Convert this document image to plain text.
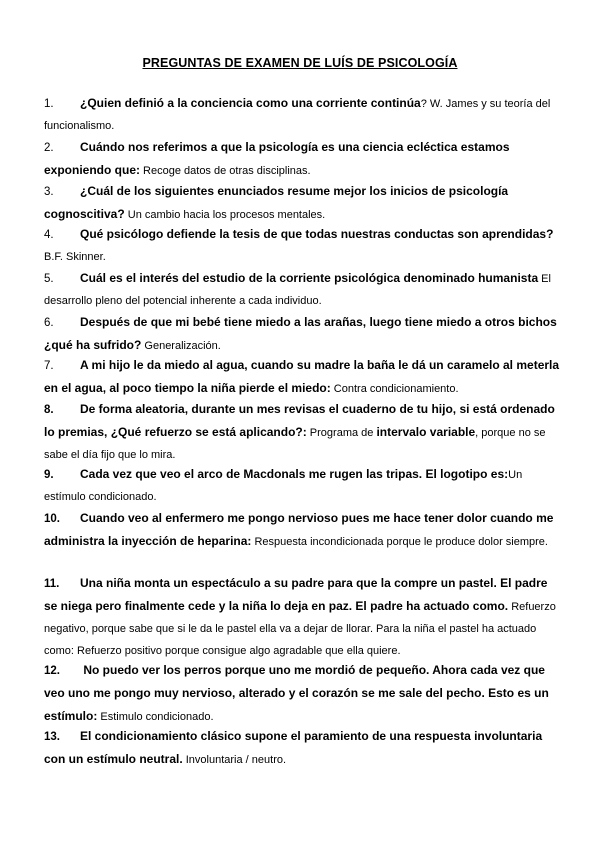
PREGUNTAS DE EXAMEN DE LUÍS DE PSICOLOGÍA
1. ¿Quien definió a la conciencia como una corriente continúa? W. James y su teoría del funcionalismo.
2. Cuándo nos referimos a que la psicología es una ciencia ecléctica estamos exponiendo que: Recoge datos de otras disciplinas.
3. ¿Cuál de los siguientes enunciados resume mejor los inicios de psicología cognoscitiva? Un cambio hacia los procesos mentales.
4. Qué psicólogo defiende la tesis de que todas nuestras conductas son aprendidas? B.F. Skinner.
5. Cuál es el interés del estudio de la corriente psicológica denominado humanista El desarrollo pleno del potencial inherente a cada individuo.
6. Después de que mi bebé tiene miedo a las arañas, luego tiene miedo a otros bichos ¿qué ha sufrido? Generalización.
7. A mi hijo le da miedo al agua, cuando su madre la baña le dá un caramelo al meterla en el agua, al poco tiempo la niña pierde el miedo: Contra condicionamiento.
8. De forma aleatoria, durante un mes revisas el cuaderno de tu hijo, si está ordenado lo premias, ¿Qué refuerzo se está aplicando?: Programa de intervalo variable, porque no se sabe el día fijo que lo mira.
9. Cada vez que veo el arco de Macdonals me rugen las tripas. El logotipo es:Un estímulo condicionado.
10. Cuando veo al enfermero me pongo nervioso pues me hace tener dolor cuando me administra la inyección de heparina: Respuesta incondicionada porque le produce dolor siempre.
11. Una niña monta un espectáculo a su padre para que la compre un pastel. El padre se niega pero finalmente cede y la niña lo deja en paz. El padre ha actuado como. Refuerzo negativo, porque sabe que si le da le pastel ella va a dejar de llorar. Para la niña el pastel ha actuado como: Refuerzo positivo porque consigue algo agradable que ella quiere.
12. No puedo ver los perros porque uno me mordió de pequeño. Ahora cada vez que veo uno me pongo muy nervioso, alterado y el corazón se me sale del pecho. Esto es un estímulo: Estimulo condicionado.
13. El condicionamiento clásico supone el paramiento de una respuesta involuntaria con un estímulo neutral. Involuntaria / neutro.
